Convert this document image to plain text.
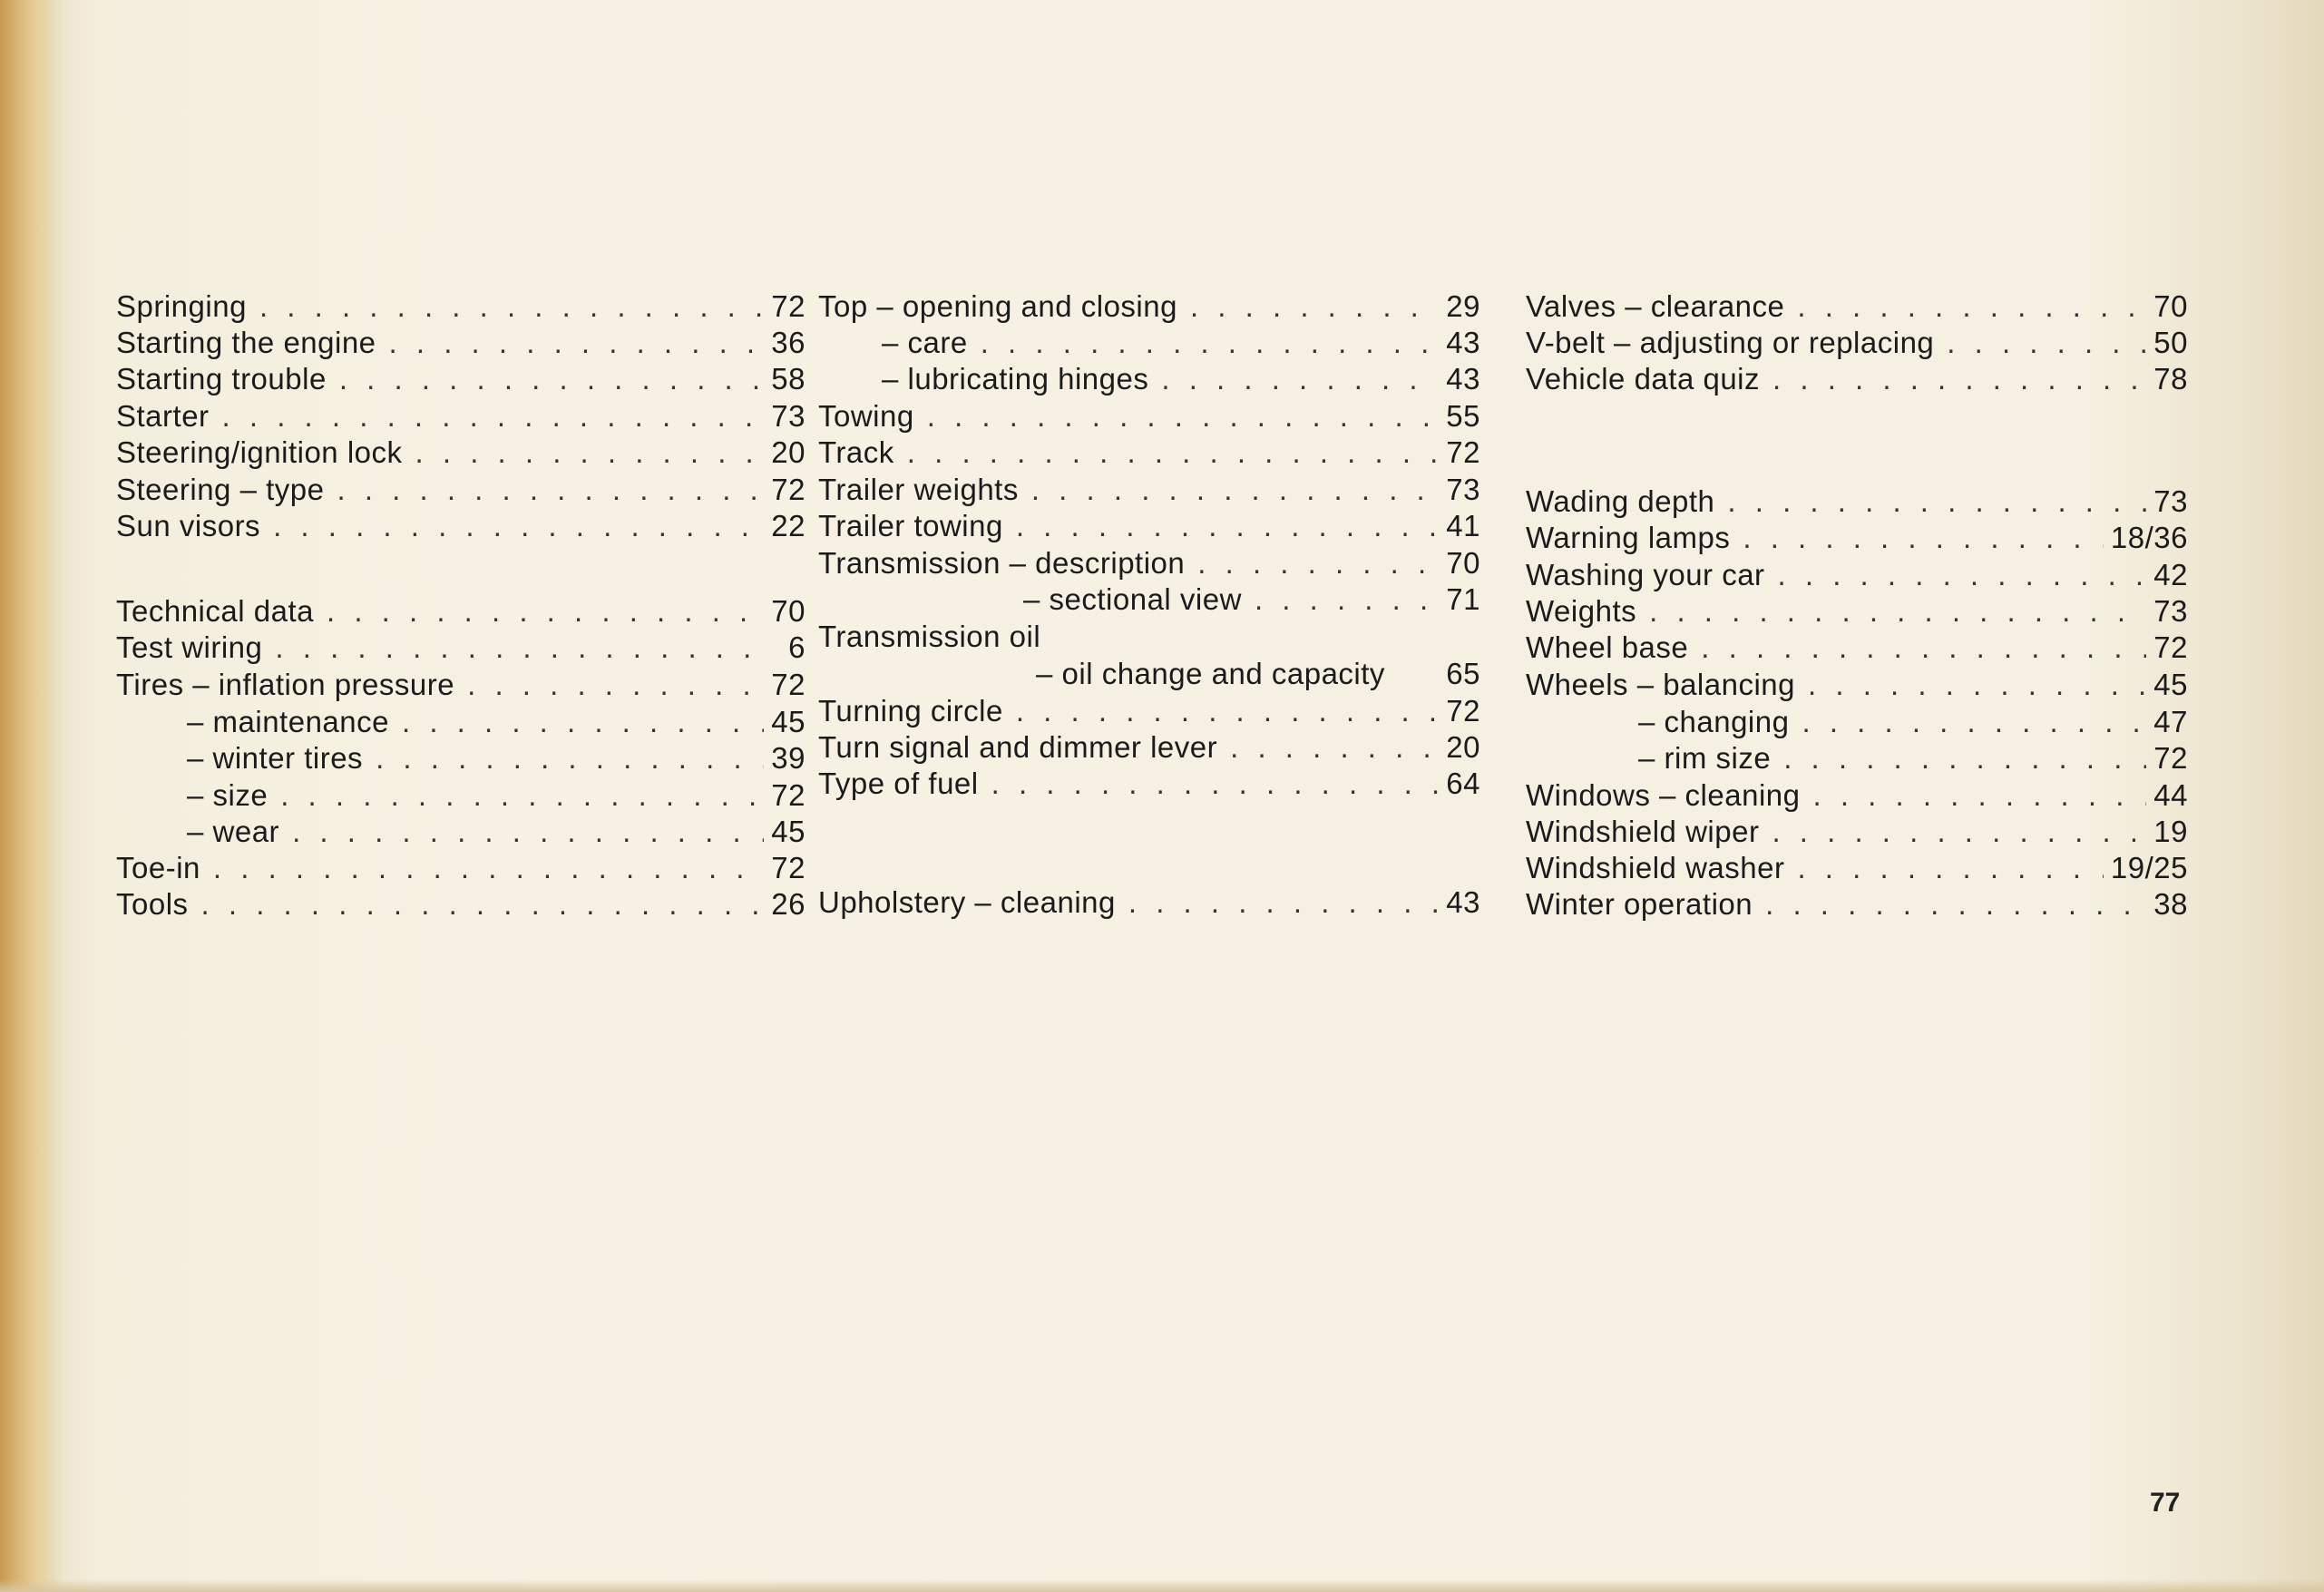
Springing . . .	72
Starting the engine . . .	36
Starting trouble . . .	58
Starter . . .	73
Steering/ignition lock . . .	20
Steering – type . . .	72
Sun visors . . .	22
Technical data . . .	70
Test wiring . . .	6
Tires – inflation pressure . . .	72
– maintenance . . .	45
– winter tires . . .	39
– size . . .	72
– wear . . .	45
Toe-in . . .	72
Tools . . .	26
Top – opening and closing . . .	29
– care . . .	43
– lubricating hinges . . .	43
Towing . . .	55
Track . . .	72
Trailer weights . . .	73
Trailer towing . . .	41
Transmission – description . . .	70
– sectional view . . .	71
Transmission oil
– oil change and capacity 65
Turning circle . . .	72
Turn signal and dimmer lever . . .	20
Type of fuel . . .	64
Upholstery – cleaning . . .	43
Valves – clearance . . .	70
V-belt – adjusting or replacing . . .	50
Vehicle data quiz . . .	78
Wading depth . . .	73
Warning lamps . . .	18/36
Washing your car . . .	42
Weights . . .	73
Wheel base . . .	72
Wheels – balancing . . .	45
– changing . . .	47
– rim size . . .	72
Windows – cleaning . . .	44
Windshield wiper . . .	19
Windshield washer . . .	19/25
Winter operation . . .	38
77
